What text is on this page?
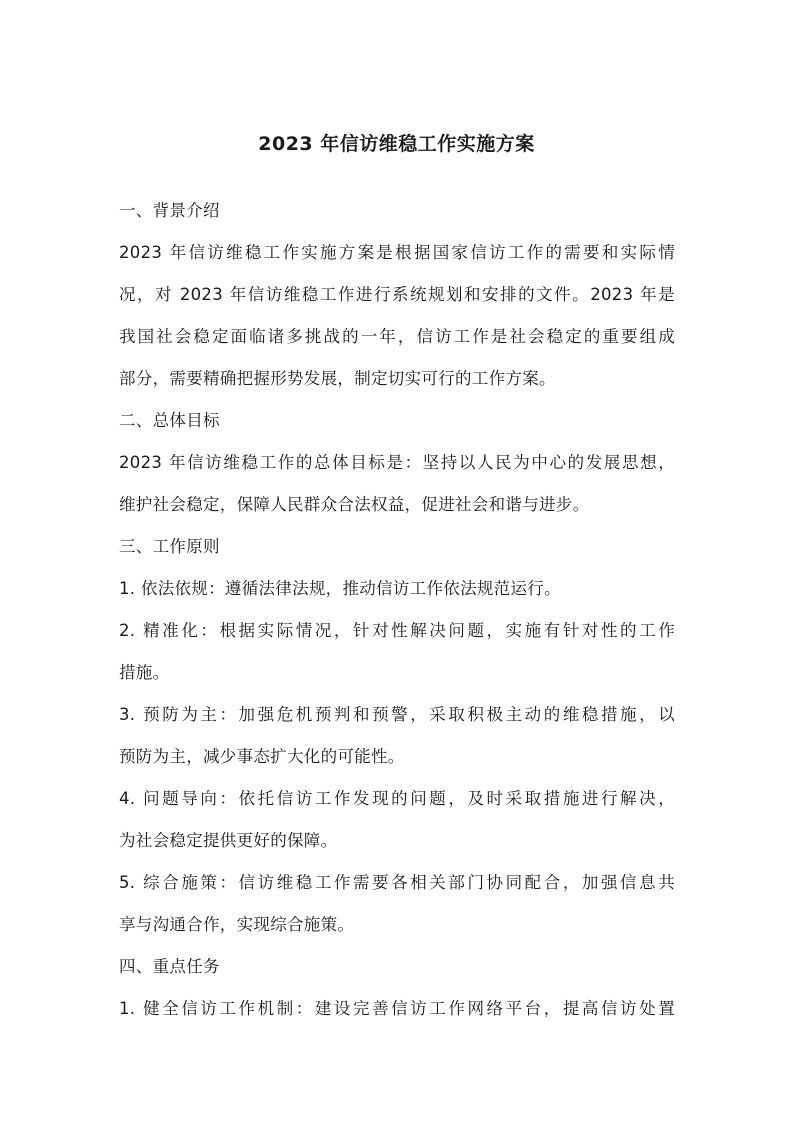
2023 年信访维稳工作实施方案
一、背景介绍
2023 年信访维稳工作实施方案是根据国家信访工作的需要和实际情
况，对 2023 年信访维稳工作进行系统规划和安排的文件。2023 年是
我国社会稳定面临诸多挑战的一年，信访工作是社会稳定的重要组成
部分，需要精确把握形势发展，制定切实可行的工作方案。
二、总体目标
2023 年信访维稳工作的总体目标是：坚持以人民为中心的发展思想，
维护社会稳定，保障人民群众合法权益，促进社会和谐与进步。
三、工作原则
1. 依法依规：遵循法律法规，推动信访工作依法规范运行。
2. 精准化：根据实际情况，针对性解决问题，实施有针对性的工作
措施。
3. 预防为主：加强危机预判和预警，采取积极主动的维稳措施，以
预防为主，减少事态扩大化的可能性。
4. 问题导向：依托信访工作发现的问题，及时采取措施进行解决，
为社会稳定提供更好的保障。
5. 综合施策：信访维稳工作需要各相关部门协同配合，加强信息共
享与沟通合作，实现综合施策。
四、重点任务
1. 健全信访工作机制：建设完善信访工作网络平台，提高信访处置
